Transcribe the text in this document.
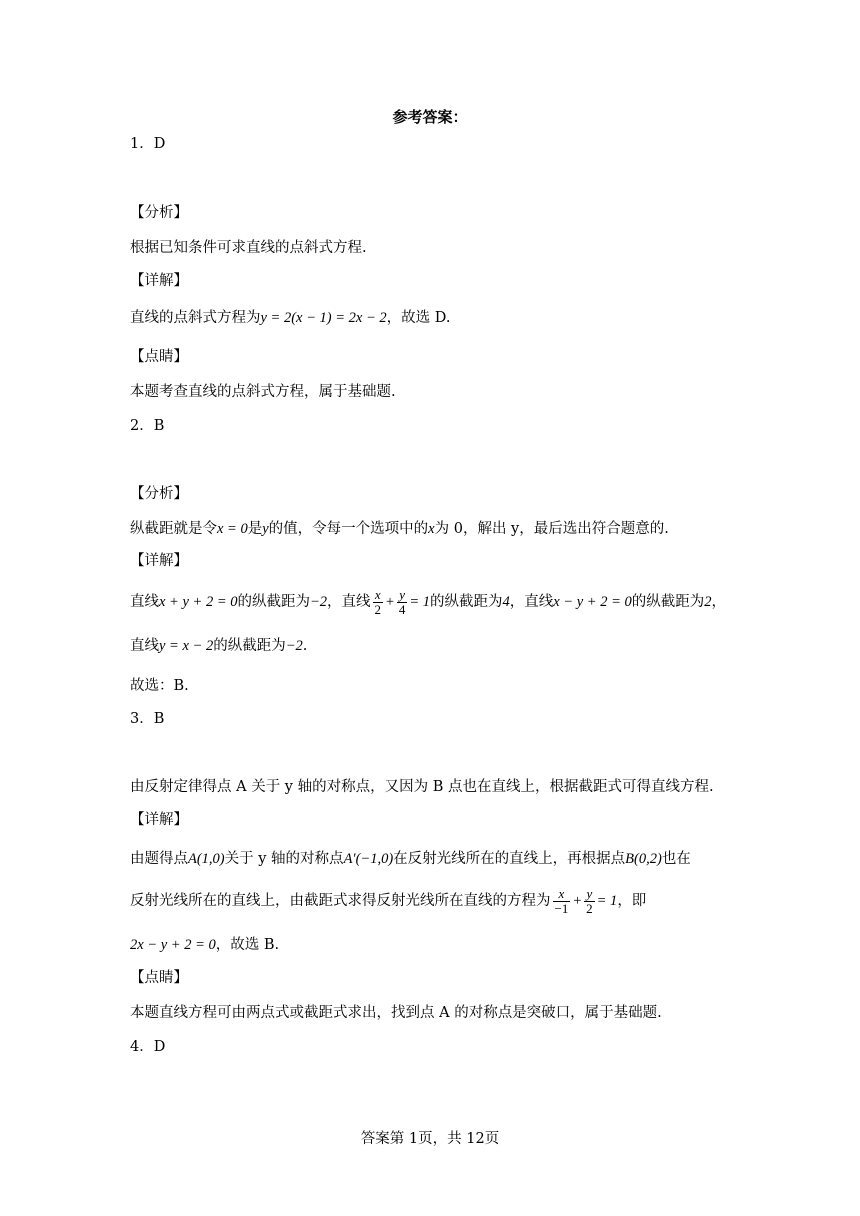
参考答案：
1．D
【分析】
根据已知条件可求直线的点斜式方程.
【详解】
直线的点斜式方程为y = 2(x − 1) = 2x − 2，故选 D.
【点睛】
本题考查直线的点斜式方程，属于基础题.
2．B
【分析】
纵截距就是令x = 0是y的值，令每一个选项中的x为 0，解出 y，最后选出符合题意的.
【详解】
直线x + y + 2 = 0的纵截距为−2，直线 $\frac{x}{2} + \frac{y}{4} = 1$的纵截距为4，直线x − y + 2 = 0的纵截距为2，
直线y = x − 2的纵截距为−2.
故选：B.
3．B
由反射定律得点 A 关于 y 轴的对称点，又因为 B 点也在直线上，根据截距式可得直线方程.
【详解】
由题得点A(1,0)关于 y 轴的对称点A′(−1,0)在反射光线所在的直线上，再根据点B(0,2)也在
反射光线所在的直线上，由截距式求得反射光线所在直线的方程为 $\frac{x}{-1} + \frac{y}{2} = 1$，即
2x − y + 2 = 0，故选 B.
【点睛】
本题直线方程可由两点式或截距式求出，找到点 A 的对称点是突破口，属于基础题.
4．D
答案第 1页，共 12页
